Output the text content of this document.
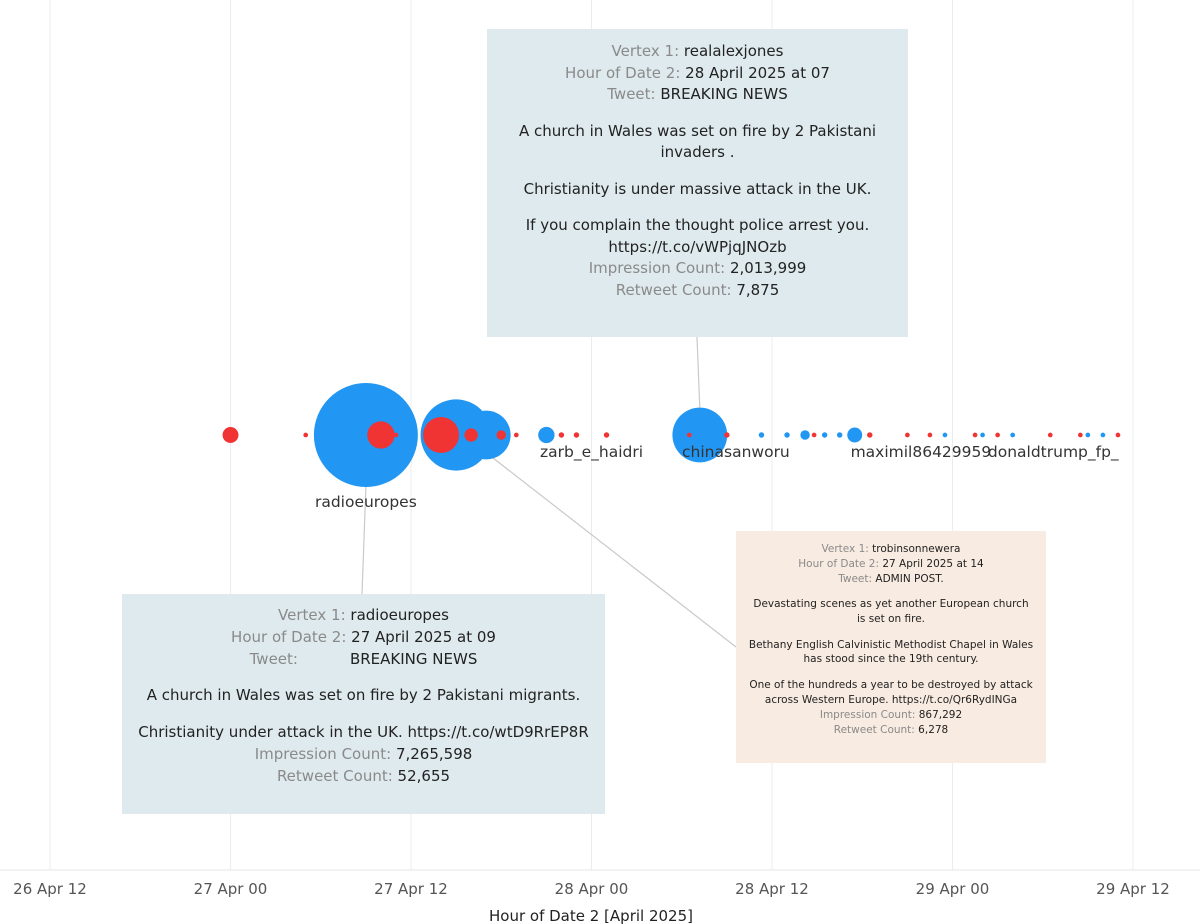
radioeuropes
zarb_e_haidri	chinasanworu	maximil86429959
donaldtrump_fp_
26 Apr 12	27 Apr 00	27 Apr 12	28 Apr 00	28 Apr 12	29 Apr 00	29 Apr 12
Hour of Date 2 [April 2025]
Vertex 1: realalexjones
Hour of Date 2: 28 April 2025 at 07
Tweet: BREAKING NEWS
A church in Wales was set on fire by 2 Pakistani invaders .
Christianity is under massive attack in the UK.
If you complain the thought police arrest you. https://t.co/vWPjqJNOzb
Impression Count: 2,013,999
Retweet Count: 7,875
Vertex 1: radioeuropes
Hour of Date 2: 27 April 2025 at 09
Tweet:	BREAKING NEWS
A church in Wales was set on fire by 2 Pakistani migrants.
Christianity under attack in the UK. https://t.co/wtD9RrEP8R
Impression Count: 7,265,598
Retweet Count: 52,655
Vertex 1: trobinsonnewera
Hour of Date 2: 27 April 2025 at 14
Tweet: ADMIN POST.
Devastating scenes as yet another European church is set on fire.
Bethany English Calvinistic Methodist Chapel in Wales has stood since the 19th century.
One of the hundreds a year to be destroyed by attack across Western Europe. https://t.co/Qr6RydINGa
Impression Count: 867,292
Retweet Count: 6,278
